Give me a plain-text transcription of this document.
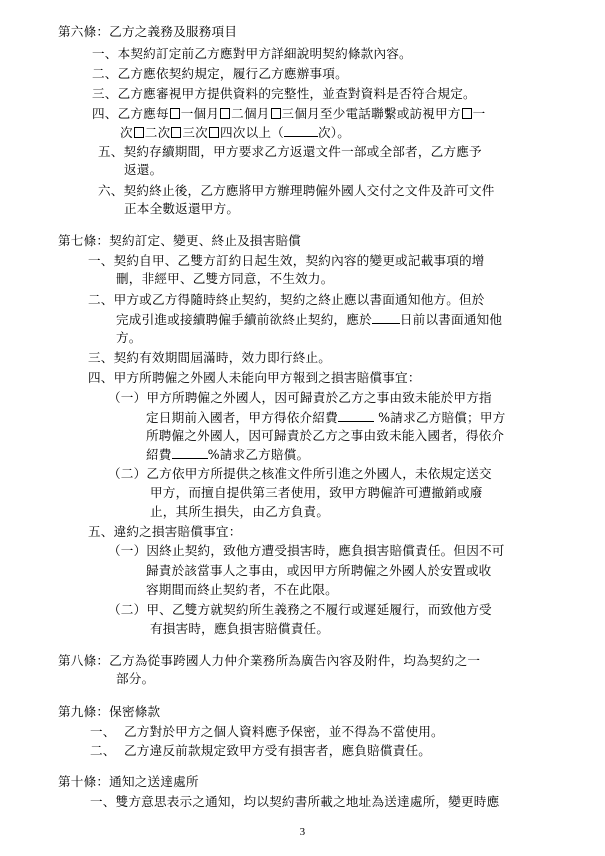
第六條：乙方之義務及服務項目
一、本契約訂定前乙方應對甲方詳細說明契約條款內容。
二、乙方應依契約規定，履行乙方應辦事項。
三、乙方應審視甲方提供資料的完整性，並查對資料是否符合規定。
四、乙方應每 一個月 二個月 三個月至少電話聯繫或訪視甲方 一
次 二次 三次 四次以上（	次）。
五、契約存續期間，甲方要求乙方返還文件一部或全部者，乙方應予
返還。
六、契約終止後，乙方應將甲方辦理聘僱外國人交付之文件及許可文件
正本全數返還甲方。
第七條：契約訂定、變更、終止及損害賠償
一、契約自甲、乙雙方訂約日起生效，契約內容的變更或記載事項的增
刪，非經甲、乙雙方同意，不生效力。
二、甲方或乙方得隨時終止契約，契約之終止應以書面通知他方。但於
完成引進或接續聘僱手續前欲終止契約，應於 日前以書面通知他
方。
三、契約有效期間屆滿時，效力即行終止。
四、甲方所聘僱之外國人未能向甲方報到之損害賠償事宜：
（一）甲方所聘僱之外國人，因可歸責於乙方之事由致未能於甲方指
定日期前入國者，甲方得依介紹費	%請求乙方賠償；甲方
所聘僱之外國人，因可歸責於乙方之事由致未能入國者，得依介
紹費	%請求乙方賠償。
（二）乙方依甲方所提供之核准文件所引進之外國人，未依規定送交
甲方，而擅自提供第三者使用，致甲方聘僱許可遭撤銷或廢
止，其所生損失，由乙方負責。
五、違約之損害賠償事宜：
（一）因終止契約，致他方遭受損害時，應負損害賠償責任。但因不可
歸責於該當事人之事由，或因甲方所聘僱之外國人於安置或收
容期間而終止契約者，不在此限。
（二）甲、乙雙方就契約所生義務之不履行或遲延履行，而致他方受
有損害時，應負損害賠償責任。
第八條：乙方為從事跨國人力仲介業務所為廣告內容及附件，均為契約之一
部分。
第九條：保密條款
一、  乙方對於甲方之個人資料應予保密，並不得為不當使用。
二、  乙方違反前款規定致甲方受有損害者，應負賠償責任。
第十條：通知之送達處所
一、雙方意思表示之通知，均以契約書所載之地址為送達處所，變更時應
3
